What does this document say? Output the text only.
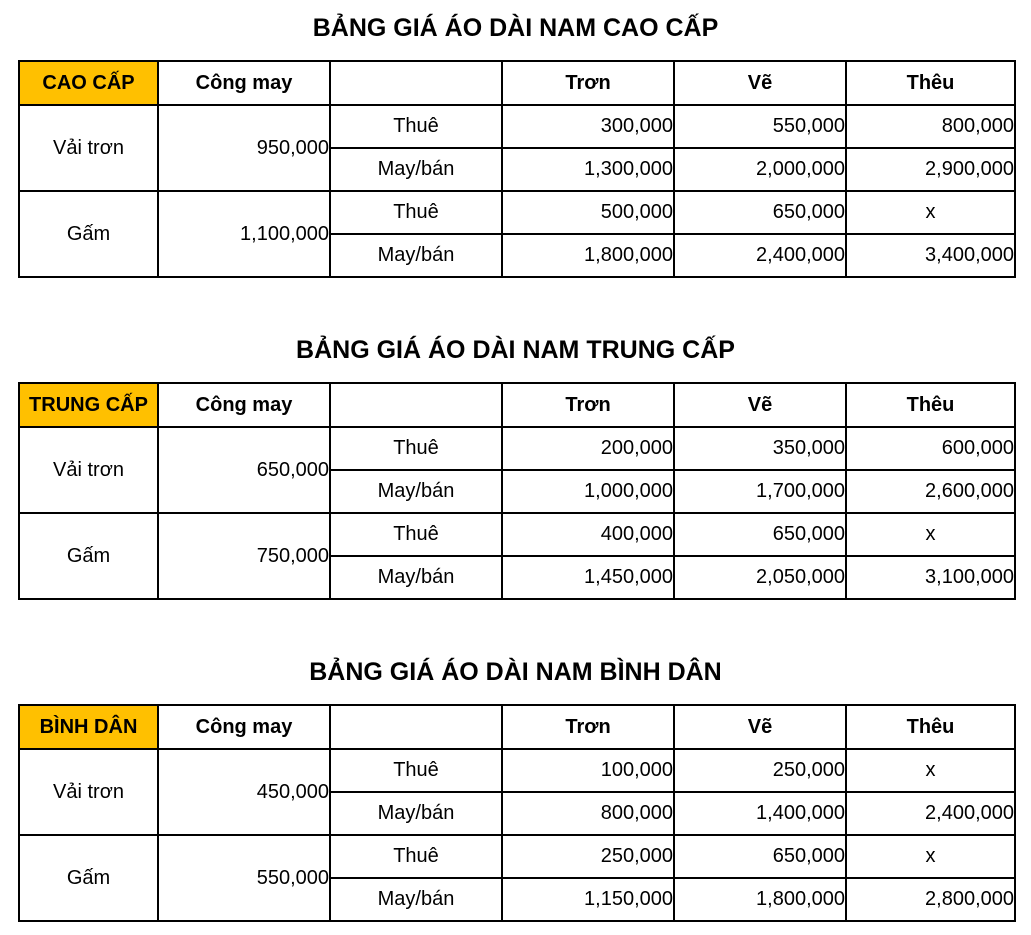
BẢNG GIÁ ÁO DÀI NAM CAO CẤP
CAO CẤP	Công may		Trơn	Vẽ	Thêu
Vải trơn	950,000	Thuê	300,000	550,000	800,000
		May/bán	1,300,000	2,000,000	2,900,000
Gấm	1,100,000	Thuê	500,000	650,000	x
		May/bán	1,800,000	2,400,000	3,400,000
BẢNG GIÁ ÁO DÀI NAM TRUNG CẤP
TRUNG CẤP	Công may		Trơn	Vẽ	Thêu
Vải trơn	650,000	Thuê	200,000	350,000	600,000
		May/bán	1,000,000	1,700,000	2,600,000
Gấm	750,000	Thuê	400,000	650,000	x
		May/bán	1,450,000	2,050,000	3,100,000
BẢNG GIÁ ÁO DÀI NAM BÌNH DÂN
BÌNH DÂN	Công may		Trơn	Vẽ	Thêu
Vải trơn	450,000	Thuê	100,000	250,000	x
		May/bán	800,000	1,400,000	2,400,000
Gấm	550,000	Thuê	250,000	650,000	x
		May/bán	1,150,000	1,800,000	2,800,000
